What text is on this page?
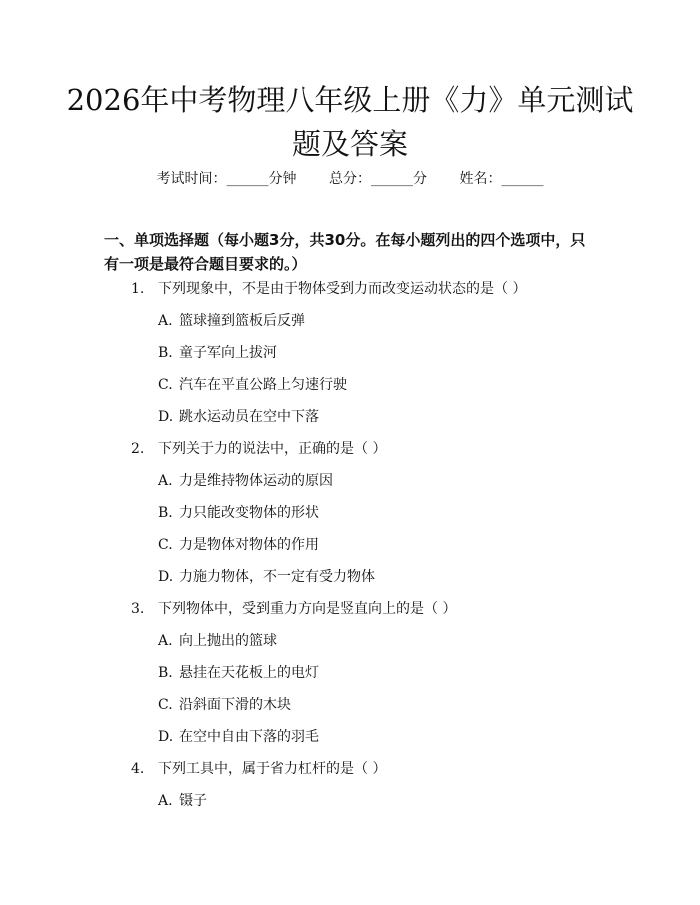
2026年中考物理八年级上册《力》单元测试题及答案
考试时间：______分钟 总分：______分 姓名：______
一、单项选择题（每小题3分，共30分。在每小题列出的四个选项中，只有一项是最符合题目要求的。）
1. 下列现象中，不是由于物体受到力而改变运动状态的是（ ）
A. 篮球撞到篮板后反弹
B. 童子军向上拔河
C. 汽车在平直公路上匀速行驶
D. 跳水运动员在空中下落
2. 下列关于力的说法中，正确的是（ ）
A. 力是维持物体运动的原因
B. 力只能改变物体的形状
C. 力是物体对物体的作用
D. 力施力物体，不一定有受力物体
3. 下列物体中，受到重力方向是竖直向上的是（ ）
A. 向上抛出的篮球
B. 悬挂在天花板上的电灯
C. 沿斜面下滑的木块
D. 在空中自由下落的羽毛
4. 下列工具中，属于省力杠杆的是（ ）
A. 镊子
